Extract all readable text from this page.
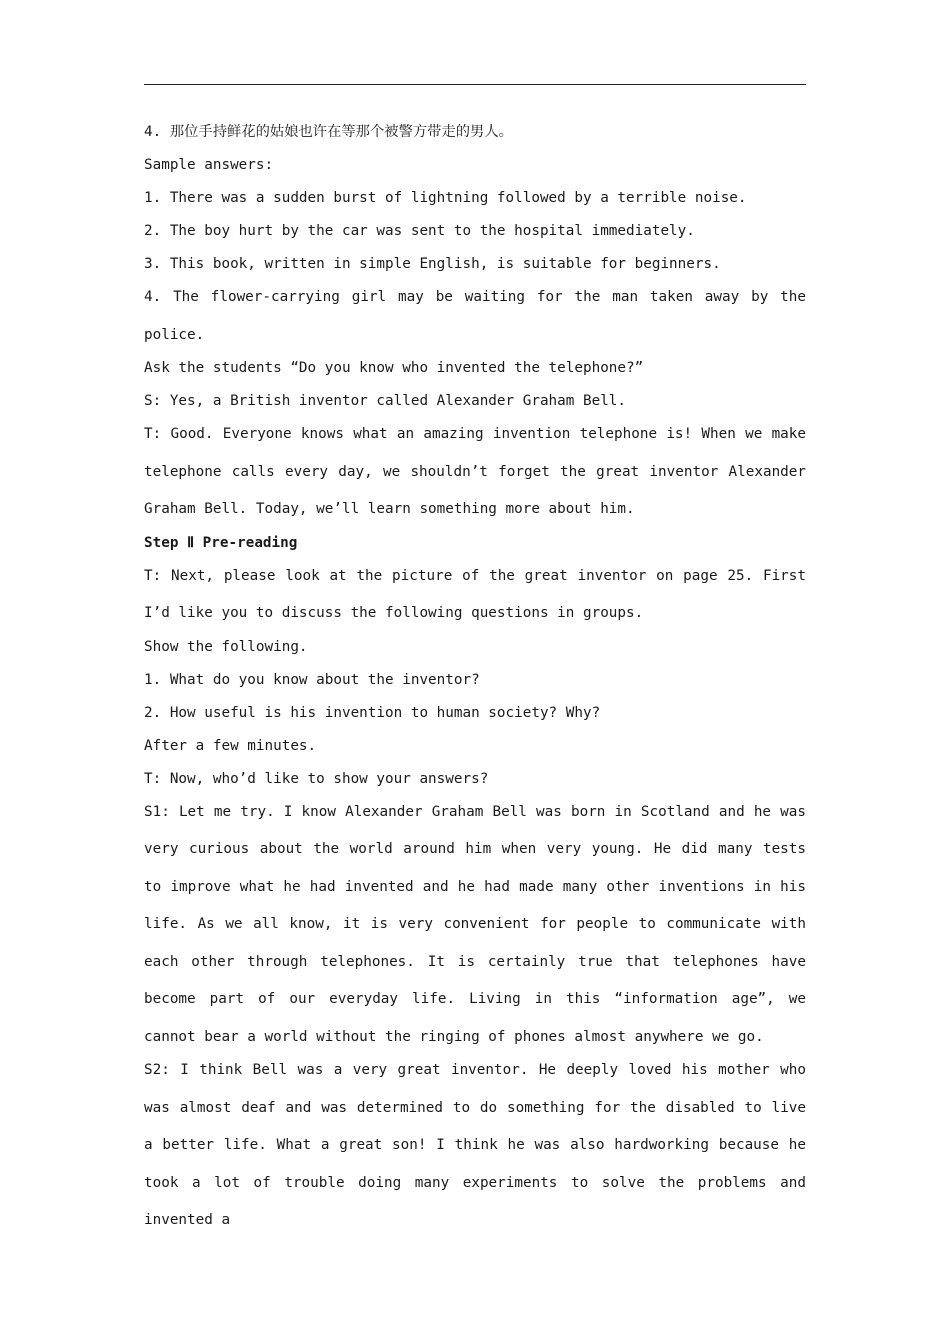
4. 那位手持鲜花的姑娘也许在等那个被警方带走的男人。

Sample answers:

1. There was a sudden burst of lightning followed by a terrible noise.

2. The boy hurt by the car was sent to the hospital immediately.

3. This book, written in simple English, is suitable for beginners.

4. The flower-carrying girl may be waiting for the man taken away by the police.

Ask the students “Do you know who invented the telephone?”

S: Yes, a British inventor called Alexander Graham Bell.

T: Good. Everyone knows what an amazing invention telephone is! When we make telephone calls every day, we shouldn’t forget the great inventor Alexander Graham Bell. Today, we’ll learn something more about him.

Step Ⅱ Pre-reading

T: Next, please look at the picture of the great inventor on page 25. First I’d like you to discuss the following questions in groups.

Show the following.

1. What do you know about the inventor?

2. How useful is his invention to human society? Why?

After a few minutes.

T: Now, who’d like to show your answers?

S1: Let me try. I know Alexander Graham Bell was born in Scotland and he was very curious about the world around him when very young. He did many tests to improve what he had invented and he had made many other inventions in his life. As we all know, it is very convenient for people to communicate with each other through telephones. It is certainly true that telephones have become part of our everyday life. Living in this “information age”, we cannot bear a world without the ringing of phones almost anywhere we go.

S2: I think Bell was a very great inventor. He deeply loved his mother who was almost deaf and was determined to do something for the disabled to live a better life. What a great son! I think he was also hardworking because he took a lot of trouble doing many experiments to solve the problems and invented a
